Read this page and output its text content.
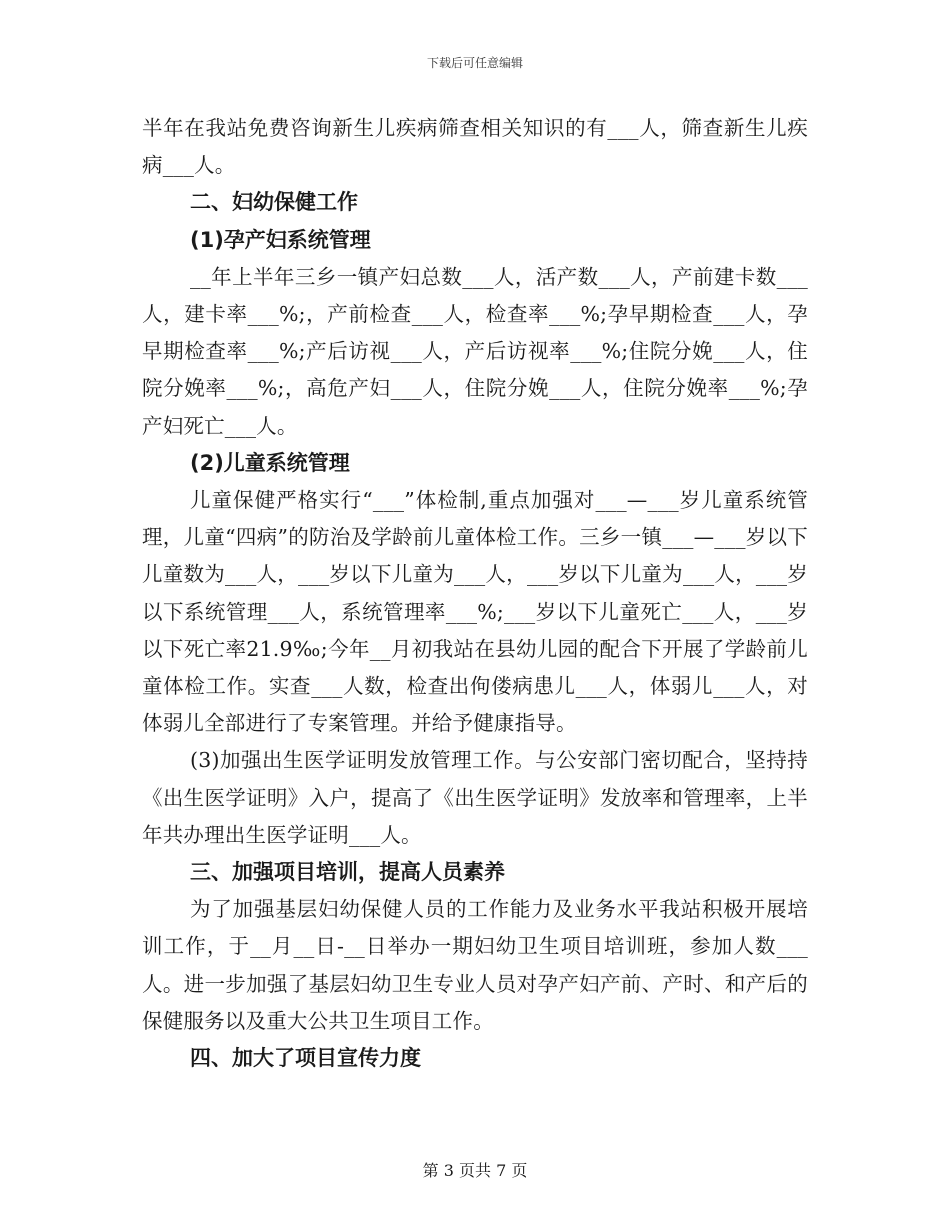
下载后可任意编辑

半年在我站免费咨询新生儿疾病筛查相关知识的有___人，筛查新生儿疾病___人。

二、妇幼保健工作

(1)孕产妇系统管理

__年上半年三乡一镇产妇总数___人，活产数___人，产前建卡数___人，建卡率___%;，产前检查___人，检查率___%;孕早期检查___人，孕早期检查率___%;产后访视___人，产后访视率___%;住院分娩___人，住院分娩率___%;，高危产妇___人，住院分娩___人，住院分娩率___%;孕产妇死亡___人。

(2)儿童系统管理

儿童保健严格实行“___”体检制,重点加强对___—___岁儿童系统管理，儿童“四病”的防治及学龄前儿童体检工作。三乡一镇___—___岁以下儿童数为___人，___岁以下儿童为___人，___岁以下儿童为___人，___岁以下系统管理___人，系统管理率___%;___岁以下儿童死亡___人，___岁以下死亡率21.9‰;今年__月初我站在县幼儿园的配合下开展了学龄前儿童体检工作。实查___人数，检查出佝偻病患儿___人，体弱儿___人，对体弱儿全部进行了专案管理。并给予健康指导。

(3)加强出生医学证明发放管理工作。与公安部门密切配合，坚持持《出生医学证明》入户，提高了《出生医学证明》发放率和管理率，上半年共办理出生医学证明___人。

三、加强项目培训，提高人员素养

为了加强基层妇幼保健人员的工作能力及业务水平我站积极开展培训工作，于__月__日-__日举办一期妇幼卫生项目培训班，参加人数___人。进一步加强了基层妇幼卫生专业人员对孕产妇产前、产时、和产后的保健服务以及重大公共卫生项目工作。

四、加大了项目宣传力度

第 3 页共 7 页
